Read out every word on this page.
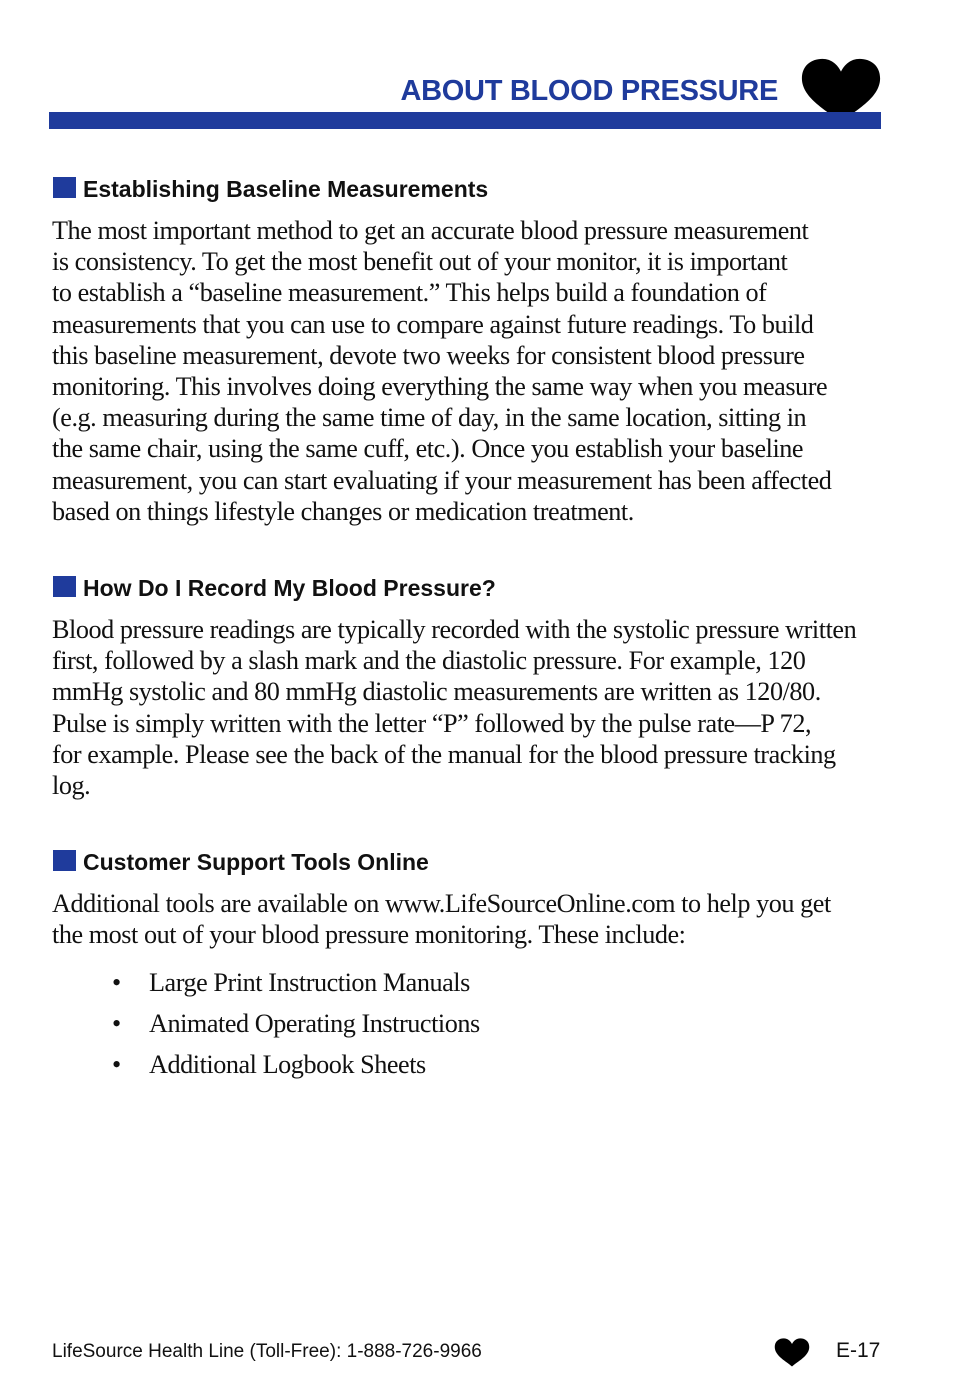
ABOUT BLOOD PRESSURE
Establishing Baseline Measurements
The most important method to get an accurate blood pressure measurement
is consistency. To get the most benefit out of your monitor, it is important
to establish a “baseline measurement.” This helps build a foundation of
measurements that you can use to compare against future readings. To build
this baseline measurement, devote two weeks for consistent blood pressure
monitoring. This involves doing everything the same way when you measure
(e.g. measuring during the same time of day, in the same location, sitting in
the same chair, using the same cuff, etc.). Once you establish your baseline
measurement, you can start evaluating if your measurement has been affected
based on things lifestyle changes or medication treatment.
How Do I Record My Blood Pressure?
Blood pressure readings are typically recorded with the systolic pressure written
first, followed by a slash mark and the diastolic pressure. For example, 120
mmHg systolic and 80 mmHg diastolic measurements are written as 120/80.
Pulse is simply written with the letter “P” followed by the pulse rate—P 72,
for example. Please see the back of the manual for the blood pressure tracking
log.
Customer Support Tools Online
Additional tools are available on www.LifeSourceOnline.com to help you get
the most out of your blood pressure monitoring. These include:
• Large Print Instruction Manuals
• Animated Operating Instructions
• Additional Logbook Sheets
LifeSource Health Line (Toll-Free): 1-888-726-9966	E-17
